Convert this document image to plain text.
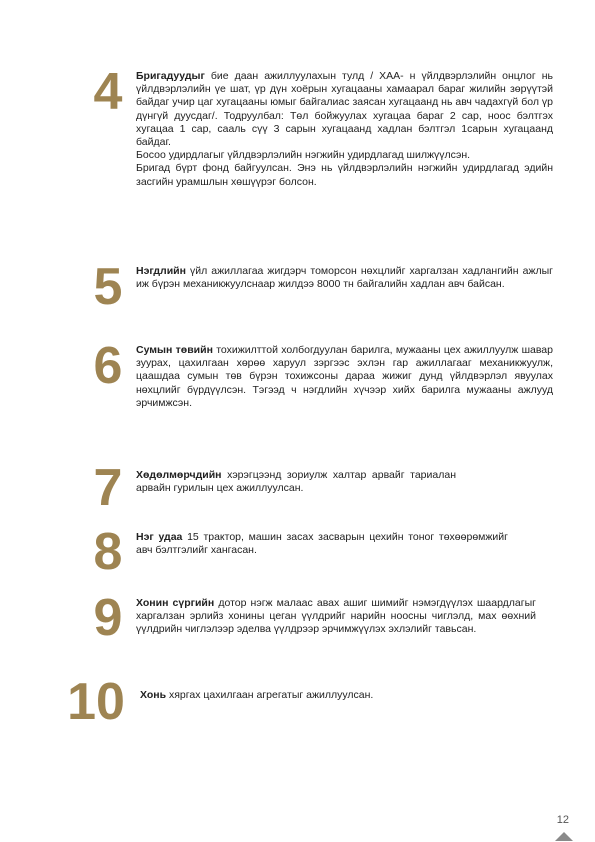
4	Бригадуудыг бие даан ажиллуулахын тулд / ХАА- н үйлдвэрлэлийн онцлог нь үйлдвэрлэлийн үе шат, үр дүн хоёрын хугацааны хамаарал бараг жилийн зөрүүтэй байдаг учир цаг хугацааны юмыг байгалиас заясан хугацаанд нь авч чадахгүй бол үр дүнгүй дуусдаг/. Тодруулбал: Төл бойжуулах хугацаа бараг 2 сар, ноос бэлтгэх хугацаа 1 сар, сааль сүү 3 сарын хугацаанд хадлан бэлтгэл 1сарын хугацаанд байдаг.

Босоо удирдлагыг үйлдвэрлэлийн нэгжийн удирдлагад шилжүүлсэн.

Бригад бүрт фонд байгуулсан. Энэ нь үйлдвэрлэлийн нэгжийн удирдлагад эдийн засгийн урамшлын хөшүүрэг болсон.

5	Нэгдлийн үйл ажиллагаа жигдэрч томорсон нөхцлийг харгалзан хадлангийн ажлыг иж бүрэн механикжуулснаар жилдээ 8000 тн байгалийн хадлан авч байсан.

6	Сумын төвийн тохижилттой холбогдуулан барилга, мужааны цех ажиллуулж шавар зуурах, цахилгаан хөрөө харуул зэргээс эхлэн гар ажиллагааг механикжуулж, цаашдаа сумын төв бүрэн тохижсоны дараа жижиг дунд үйлдвэрлэл явуулах нөхцлийг бүрдүүлсэн. Тэгээд ч нэгдлийн хүчээр хийх барилга мужааны ажлууд эрчимжсэн.

7	Хөдөлмөрчдийн хэрэгцээнд зориулж халтар арвайг тариалан арвайн гурилын цех ажиллуулсан.

8	Нэг удаа 15 трактор, машин засах засварын цехийн тоног төхөөрөмжийг авч бэлтгэлийг хангасан.

9	Хонин сүргийн дотор нэгж малаас авах ашиг шимийг нэмэгдүүлэх шаардлагыг харгалзан эрлийз хонины цеган үүлдрийг нарийн ноосны чиглэлд, мах өөхний үүлдрийн чиглэлээр эделва үүлдрээр эрчимжүүлэх эхлэлийг тавьсан.

10	Хонь хяргах цахилгаан агрегатыг ажиллуулсан.

12
